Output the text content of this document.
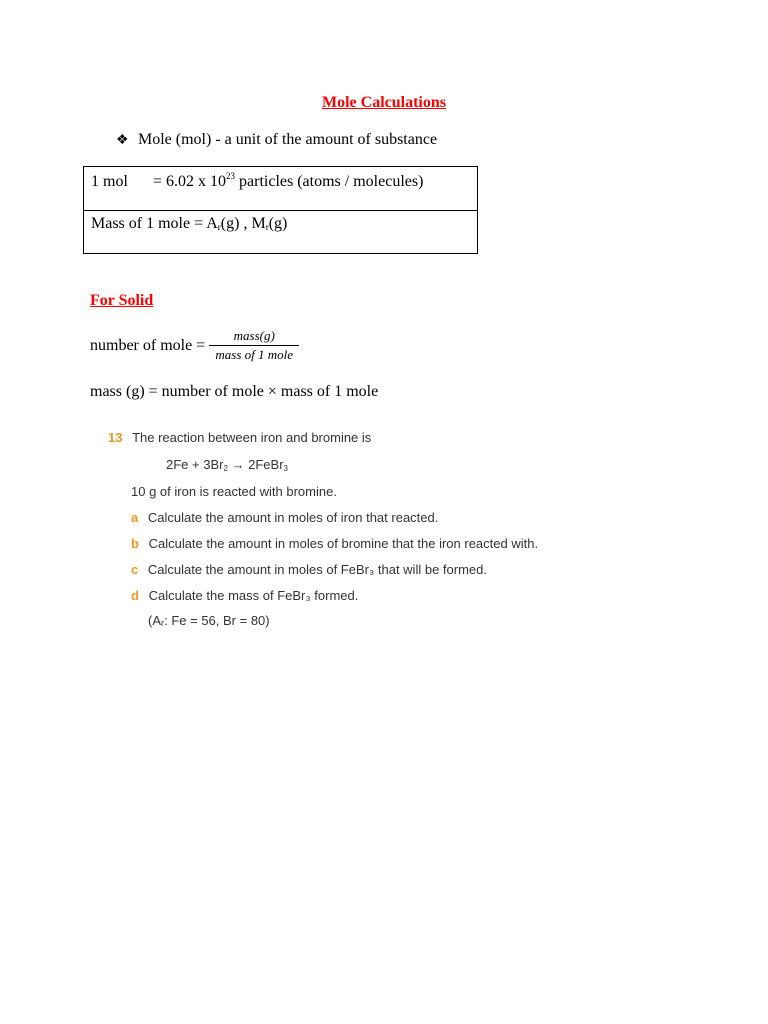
Mole Calculations
❖ Mole (mol) - a unit of the amount of substance
1 mol = 6.02 x $10^{23}$ particles (atoms / molecules)
Mass of 1 mole = $A_r(g)$ , $M_r(g)$
For Solid
number of mole = $\frac{\text{mass(g)}}{\text{mass of 1 mole}}$
mass (g) = number of mole × mass of 1 mole
13 The reaction between iron and bromine is
2Fe + 3Br2 → 2FeBr3
10 g of iron is reacted with bromine.
a Calculate the amount in moles of iron that reacted.
b Calculate the amount in moles of bromine that the iron reacted with.
c Calculate the amount in moles of FeBr₃ that will be formed.
d Calculate the mass of FeBr₃ formed.
(Aᵣ: Fe = 56, Br = 80)
